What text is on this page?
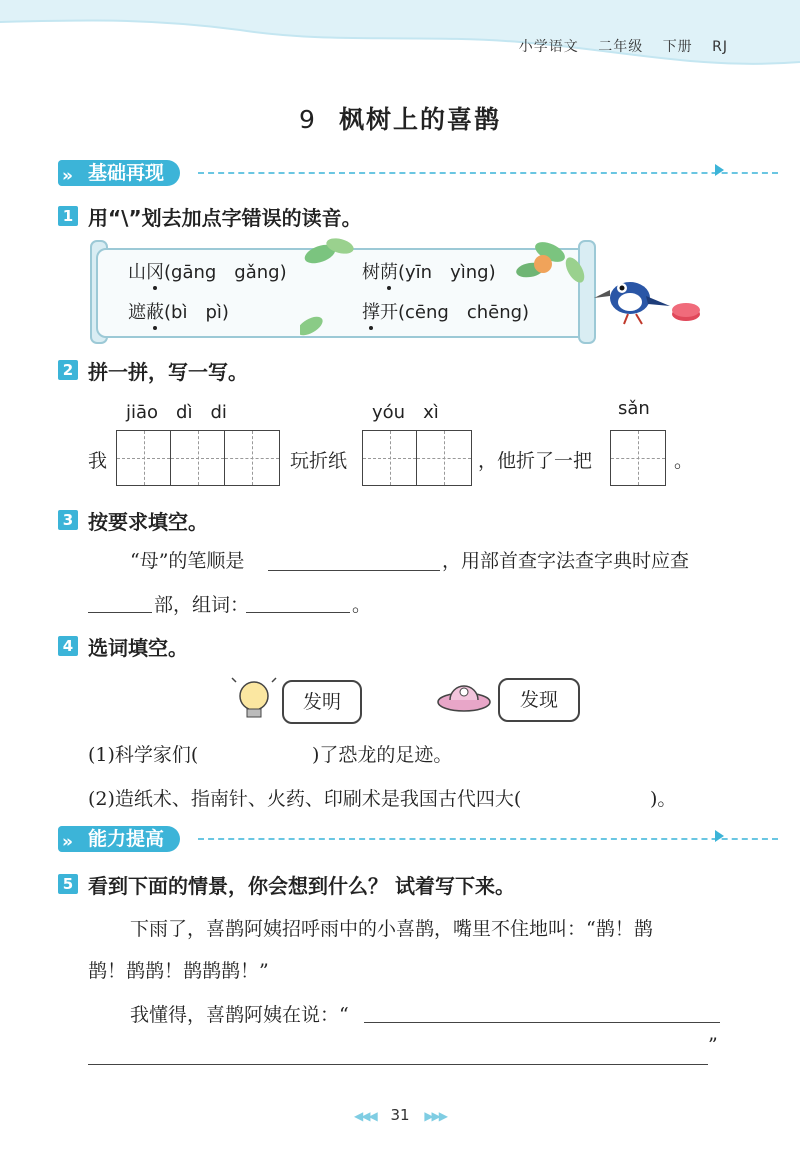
小学语文 二年级 下册 RJ
9 枫树上的喜鹊
» 基础再现
1 用“\”划去加点字错误的读音。
山冈(gāng　gǎng)	树荫(yīn　yìng)
遮蔽(bì　pì)	撑开(cēng　chēng)
2 拼一拼，写一写。
jiāo　dì　di	yóu　xì	sǎn
我	玩折纸	，他折了一把	。
3 按要求填空。
“母”的笔顺是	，用部首查字法查字典时应查
部，组词：	。
4 选词填空。
发明	发现
(1)科学家们(	)了恐龙的足迹。
(2)造纸术、指南针、火药、印刷术是我国古代四大(	)。
» 能力提高
5 看到下面的情景，你会想到什么？ 试着写下来。
下雨了，喜鹊阿姨招呼雨中的小喜鹊，嘴里不住地叫：“鹊！鹊
鹊！鹊鹊！鹊鹊鹊！”
我懂得，喜鹊阿姨在说：“
”
◀◀◀ 31 ▶▶▶
